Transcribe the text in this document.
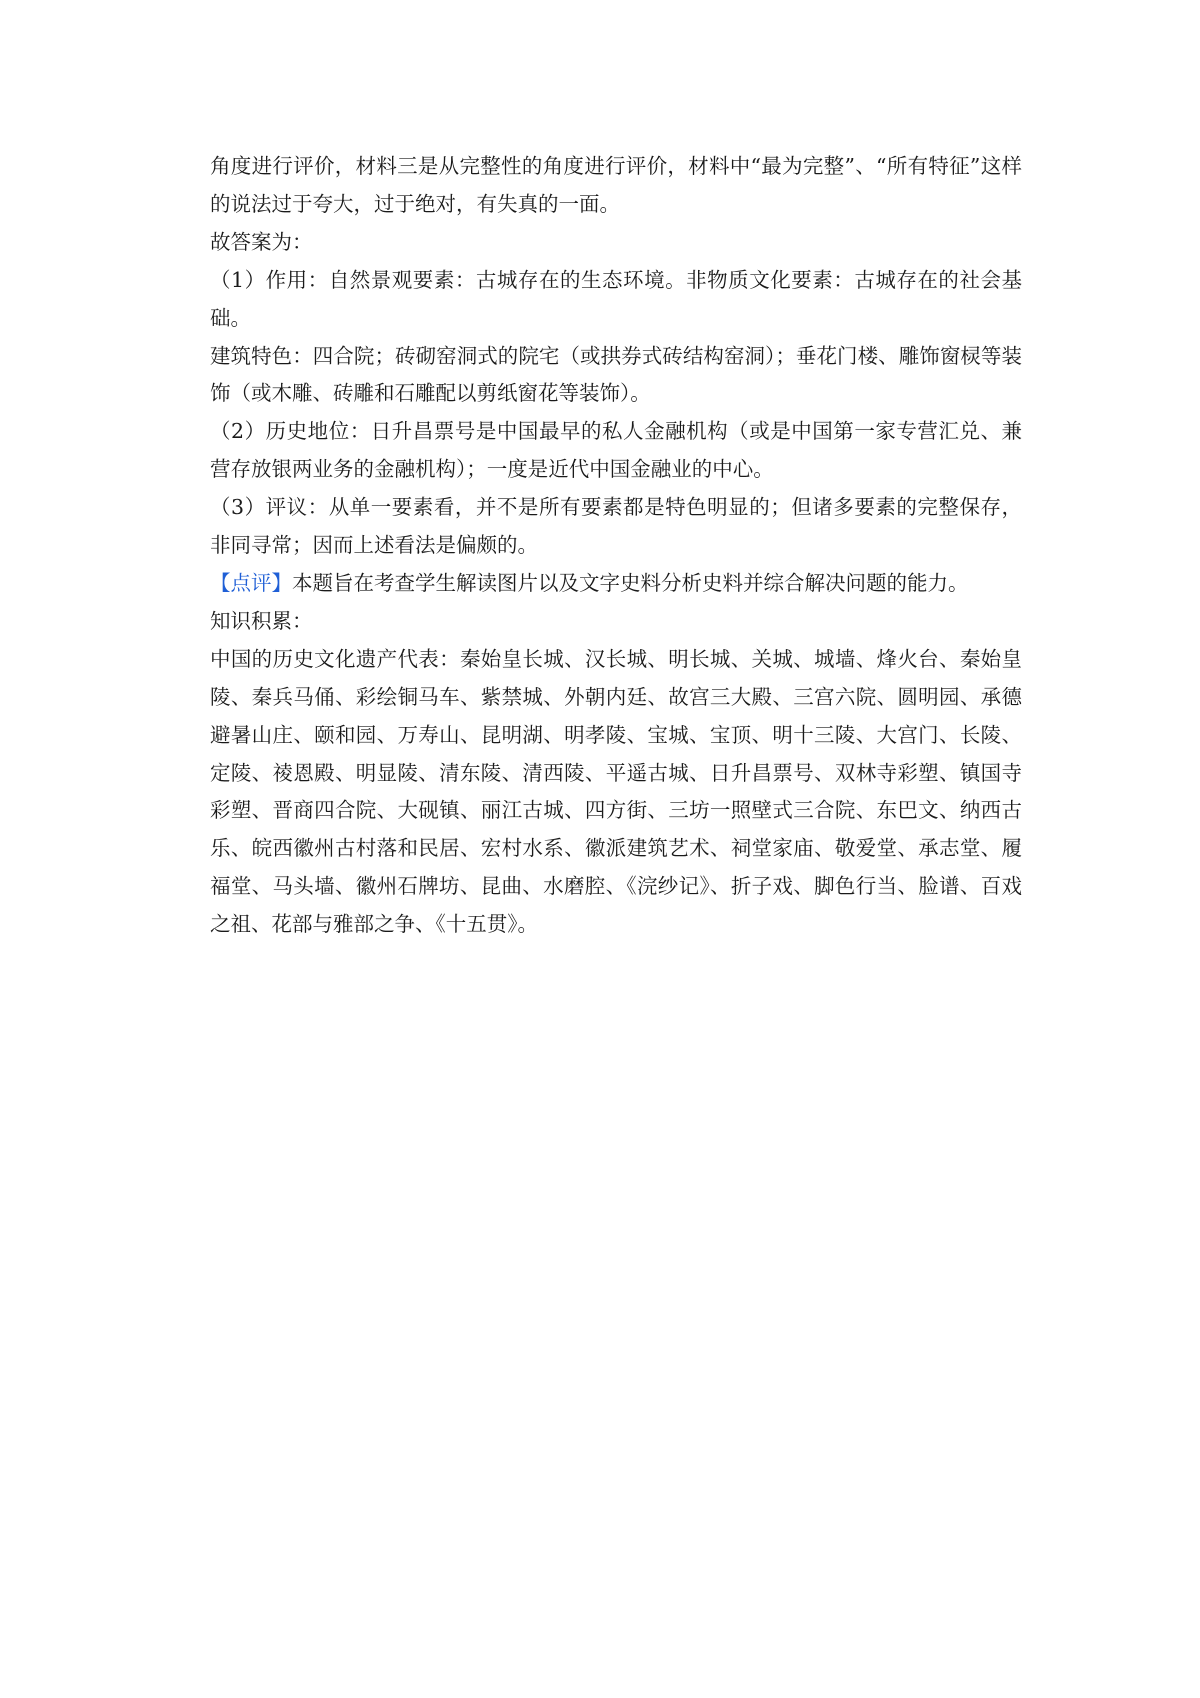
角度进行评价，材料三是从完整性的角度进行评价，材料中“最为完整”、“所有特征”这样的说法过于夸大，过于绝对，有失真的一面。

故答案为：

（1）作用：自然景观要素：古城存在的生态环境。非物质文化要素：古城存在的社会基础。

建筑特色：四合院；砖砌窑洞式的院宅（或拱券式砖结构窑洞）；垂花门楼、雕饰窗棂等装饰（或木雕、砖雕和石雕配以剪纸窗花等装饰）。

（2）历史地位：日升昌票号是中国最早的私人金融机构（或是中国第一家专营汇兑、兼营存放银两业务的金融机构）；一度是近代中国金融业的中心。

（3）评议：从单一要素看，并不是所有要素都是特色明显的；但诸多要素的完整保存，非同寻常；因而上述看法是偏颇的。

【点评】本题旨在考查学生解读图片以及文字史料分析史料并综合解决问题的能力。

知识积累：

中国的历史文化遗产代表：秦始皇长城、汉长城、明长城、关城、城墙、烽火台、秦始皇陵、秦兵马俑、彩绘铜马车、紫禁城、外朝内廷、故宫三大殿、三宫六院、圆明园、承德避暑山庄、颐和园、万寿山、昆明湖、明孝陵、宝城、宝顶、明十三陵、大宫门、长陵、定陵、祾恩殿、明显陵、清东陵、清西陵、平遥古城、日升昌票号、双林寺彩塑、镇国寺彩塑、晋商四合院、大砚镇、丽江古城、四方街、三坊一照壁式三合院、东巴文、纳西古乐、皖西徽州古村落和民居、宏村水系、徽派建筑艺术、祠堂家庙、敬爱堂、承志堂、履福堂、马头墙、徽州石牌坊、昆曲、水磨腔、《浣纱记》、折子戏、脚色行当、脸谱、百戏之祖、花部与雅部之争、《十五贯》。
